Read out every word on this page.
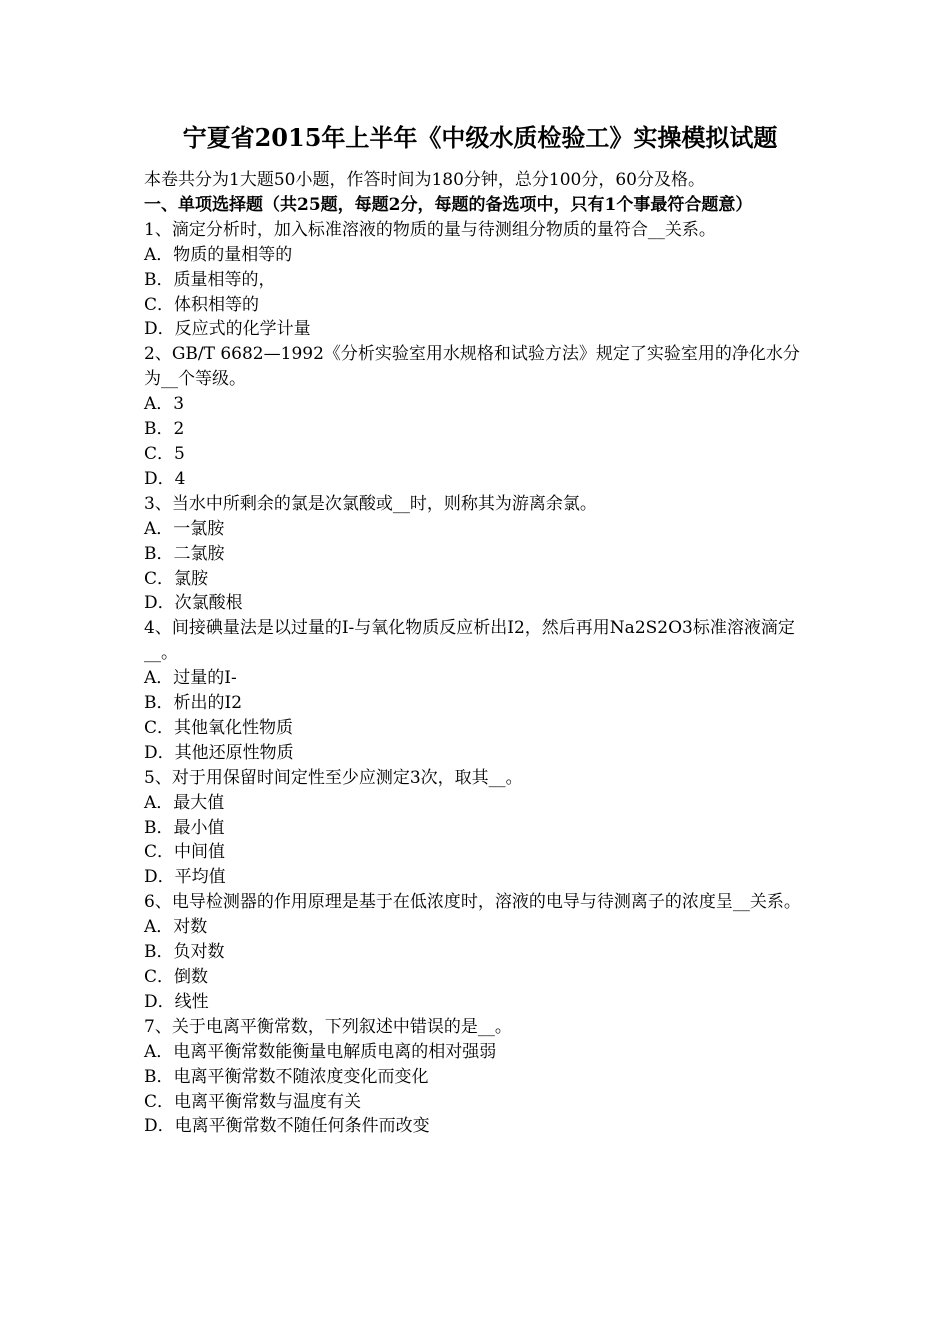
宁夏省2015年上半年《中级水质检验工》实操模拟试题
本卷共分为1大题50小题，作答时间为180分钟，总分100分，60分及格。
一、单项选择题（共25题，每题2分，每题的备选项中，只有1个事最符合题意）
1、滴定分析时，加入标准溶液的物质的量与待测组分物质的量符合__关系。
A．物质的量相等的
B．质量相等的，
C．体积相等的
D．反应式的化学计量
2、GB/T 6682—1992《分析实验室用水规格和试验方法》规定了实验室用的净化水分为__个等级。
A．3
B．2
C．5
D．4
3、当水中所剩余的氯是次氯酸或__时，则称其为游离余氯。
A．一氯胺
B．二氯胺
C．氯胺
D．次氯酸根
4、间接碘量法是以过量的I-与氧化物质反应析出I2，然后再用Na2S2O3标准溶液滴定__。
A．过量的I-
B．析出的I2
C．其他氧化性物质
D．其他还原性物质
5、对于用保留时间定性至少应测定3次，取其__。
A．最大值
B．最小值
C．中间值
D．平均值
6、电导检测器的作用原理是基于在低浓度时，溶液的电导与待测离子的浓度呈__关系。
A．对数
B．负对数
C．倒数
D．线性
7、关于电离平衡常数，下列叙述中错误的是__。
A．电离平衡常数能衡量电解质电离的相对强弱
B．电离平衡常数不随浓度变化而变化
C．电离平衡常数与温度有关
D．电离平衡常数不随任何条件而改变
